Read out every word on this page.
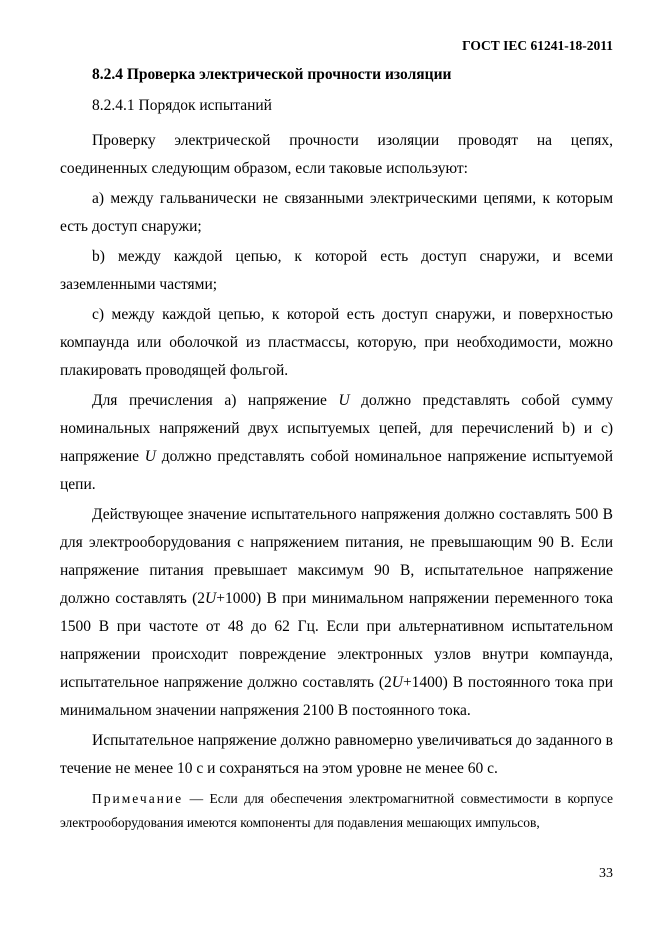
ГОСТ IEC 61241-18-2011
8.2.4 Проверка электрической прочности изоляции
8.2.4.1 Порядок испытаний

Проверку электрической прочности изоляции проводят на цепях, соединенных следующим образом, если таковые используют:

a) между гальванически не связанными электрическими цепями, к которым есть доступ снаружи;

b) между каждой цепью, к которой есть доступ снаружи, и всеми заземленными частями;

c) между каждой цепью, к которой есть доступ снаружи, и поверхностью компаунда или оболочкой из пластмассы, которую, при необходимости, можно плакировать проводящей фольгой.

Для пречисления а) напряжение U должно представлять собой сумму номинальных напряжений двух испытуемых цепей, для перечислений b) и c) напряжение U должно представлять собой номинальное напряжение испытуемой цепи.

Действующее значение испытательного напряжения должно составлять 500 В для электрооборудования с напряжением питания, не превышающим 90 В. Если напряжение питания превышает максимум 90 В, испытательное напряжение должно составлять (2U+1000) В при минимальном напряжении переменного тока 1500 В при частоте от 48 до 62 Гц. Если при альтернативном испытательном напряжении происходит повреждение электронных узлов внутри компаунда, испытательное напряжение должно составлять (2U+1400) В постоянного тока при минимальном значении напряжения 2100 В постоянного тока.

Испытательное напряжение должно равномерно увеличиваться до заданного в течение не менее 10 с и сохраняться на этом уровне не менее 60 с.

Примечание — Если для обеспечения электромагнитной совместимости в корпусе электрооборудования имеются компоненты для подавления мешающих импульсов,

33
